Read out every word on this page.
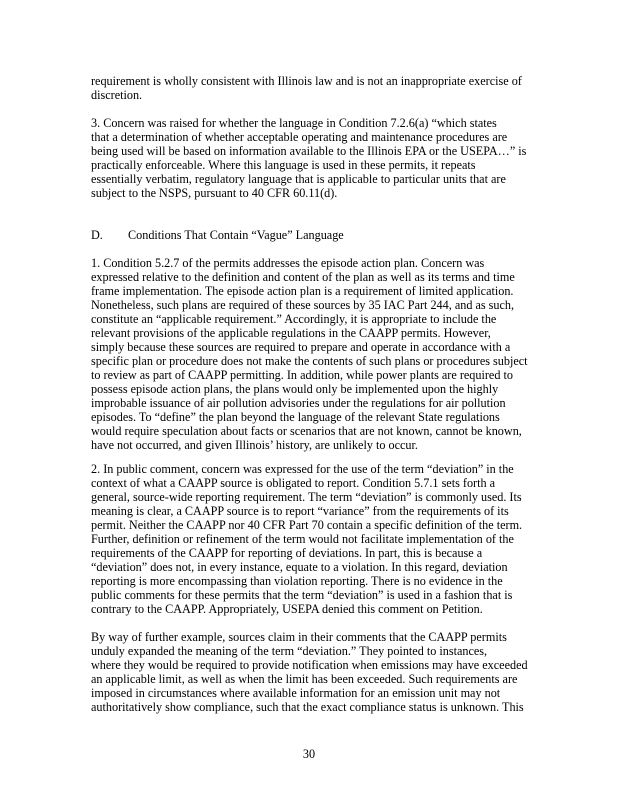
requirement is wholly consistent with Illinois law and is not an inappropriate exercise of
discretion.
3. Concern was raised for whether the language in Condition 7.2.6(a) “which states
that a determination of whether acceptable operating and maintenance procedures are
being used will be based on information available to the Illinois EPA or the USEPA…” is
practically enforceable. Where this language is used in these permits, it repeats
essentially verbatim, regulatory language that is applicable to particular units that are
subject to the NSPS, pursuant to 40 CFR 60.11(d).
D. Conditions That Contain “Vague” Language
1. Condition 5.2.7 of the permits addresses the episode action plan. Concern was
expressed relative to the definition and content of the plan as well as its terms and time
frame implementation. The episode action plan is a requirement of limited application.
Nonetheless, such plans are required of these sources by 35 IAC Part 244, and as such,
constitute an “applicable requirement.” Accordingly, it is appropriate to include the
relevant provisions of the applicable regulations in the CAAPP permits. However,
simply because these sources are required to prepare and operate in accordance with a
specific plan or procedure does not make the contents of such plans or procedures subject
to review as part of CAAPP permitting. In addition, while power plants are required to
possess episode action plans, the plans would only be implemented upon the highly
improbable issuance of air pollution advisories under the regulations for air pollution
episodes. To “define” the plan beyond the language of the relevant State regulations
would require speculation about facts or scenarios that are not known, cannot be known,
have not occurred, and given Illinois’ history, are unlikely to occur.
2. In public comment, concern was expressed for the use of the term “deviation” in the
context of what a CAAPP source is obligated to report. Condition 5.7.1 sets forth a
general, source-wide reporting requirement. The term “deviation” is commonly used. Its
meaning is clear, a CAAPP source is to report “variance” from the requirements of its
permit. Neither the CAAPP nor 40 CFR Part 70 contain a specific definition of the term.
Further, definition or refinement of the term would not facilitate implementation of the
requirements of the CAAPP for reporting of deviations. In part, this is because a
“deviation” does not, in every instance, equate to a violation. In this regard, deviation
reporting is more encompassing than violation reporting. There is no evidence in the
public comments for these permits that the term “deviation” is used in a fashion that is
contrary to the CAAPP. Appropriately, USEPA denied this comment on Petition.
By way of further example, sources claim in their comments that the CAAPP permits
unduly expanded the meaning of the term “deviation.” They pointed to instances,
where they would be required to provide notification when emissions may have exceeded
an applicable limit, as well as when the limit has been exceeded. Such requirements are
imposed in circumstances where available information for an emission unit may not
authoritatively show compliance, such that the exact compliance status is unknown. This
30
